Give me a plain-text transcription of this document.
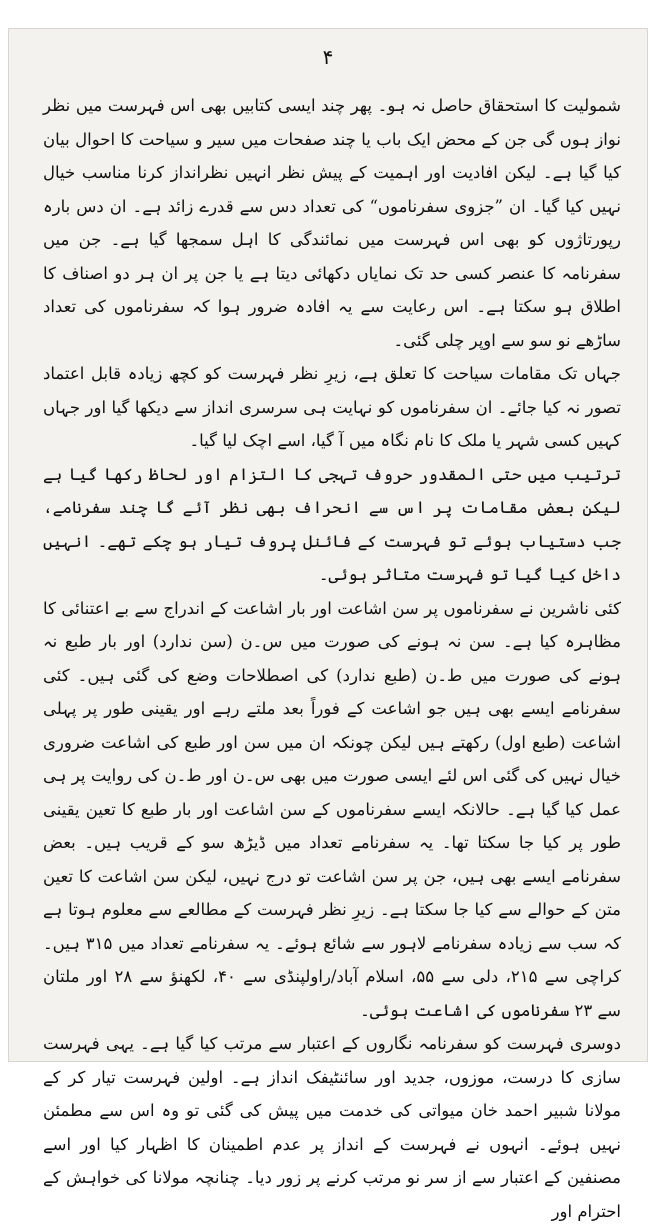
۴

شمولیت کا استحقاق حاصل نہ ہو۔ پھر چند ایسی کتابیں بھی اس فہرست میں نظر نواز ہوں گی جن کے محض ایک باب یا چند صفحات میں سیر و سیاحت کا احوال بیان کیا گیا ہے۔ لیکن افادیت اور اہمیت کے پیش نظر انہیں نظرانداز کرنا مناسب خیال نہیں کیا گیا۔ ان ”جزوی سفرناموں“ کی تعداد دس سے قدرے زائد ہے۔ ان دس بارہ رپورتاژوں کو بھی اس فہرست میں نمائندگی کا اہل سمجھا گیا ہے۔ جن میں سفرنامہ کا عنصر کسی حد تک نمایاں دکھائی دیتا ہے یا جن پر ان ہر دو اصناف کا اطلاق ہو سکتا ہے۔ اس رعایت سے یہ افادہ ضرور ہوا کہ سفرناموں کی تعداد ساڑھے نو سو سے اوپر چلی گئی۔

جہاں تک مقامات سیاحت کا تعلق ہے، زیرِ نظر فہرست کو کچھ زیادہ قابل اعتماد تصور نہ کیا جائے۔ ان سفرناموں کو نہایت ہی سرسری انداز سے دیکھا گیا اور جہاں کہیں کسی شہر یا ملک کا نام نگاہ میں آ گیا، اسے اچک لیا گیا۔

ترتیب میں حتی المقدور حروف تہجی کا التزام اور لحاظ رکھا گیا ہے لیکن بعض مقامات پر اس سے انحراف بھی نظر آئے گا چند سفرنامے، جب دستیاب ہوئے تو فہرست کے فائنل پروف تیار ہو چکے تھے۔ انہیں داخل کیا گیا تو فہرست متاثر ہوئی۔

کئی ناشرین نے سفرناموں پر سن اشاعت اور بار اشاعت کے اندراج سے بے اعتنائی کا مظاہرہ کیا ہے۔ سن نہ ہونے کی صورت میں س۔ن (سن ندارد) اور بار طبع نہ ہونے کی صورت میں ط۔ن (طبع ندارد) کی اصطلاحات وضع کی گئی ہیں۔ کئی سفرنامے ایسے بھی ہیں جو اشاعت کے فوراً بعد ملتے رہے اور یقینی طور پر پہلی اشاعت (طبع اول) رکھتے ہیں لیکن چونکہ ان میں سن اور طبع کی اشاعت ضروری خیال نہیں کی گئی اس لئے ایسی صورت میں بھی س۔ن اور ط۔ن کی روایت پر ہی عمل کیا گیا ہے۔ حالانکہ ایسے سفرناموں کے سن اشاعت اور بار طبع کا تعین یقینی طور پر کیا جا سکتا تھا۔ یہ سفرنامے تعداد میں ڈیڑھ سو کے قریب ہیں۔ بعض سفرنامے ایسے بھی ہیں، جن پر سن اشاعت تو درج نہیں، لیکن سن اشاعت کا تعین متن کے حوالے سے کیا جا سکتا ہے۔ زیرِ نظر فہرست کے مطالعے سے معلوم ہوتا ہے کہ سب سے زیادہ سفرنامے لاہور سے شائع ہوئے۔ یہ سفرنامے تعداد میں ۳۱۵ ہیں۔ کراچی سے ۲۱۵، دلی سے ۵۵، اسلام آباد/راولپنڈی سے ۴۰، لکھنؤ سے ۲۸ اور ملتان سے ۲۳ سفرناموں کی اشاعت ہوئی۔

دوسری فہرست کو سفرنامہ نگاروں کے اعتبار سے مرتب کیا گیا ہے۔ یہی فہرست سازی کا درست، موزوں، جدید اور سائنٹیفک انداز ہے۔ اولین فہرست تیار کر کے مولانا شبیر احمد خان میواتی کی خدمت میں پیش کی گئی تو وہ اس سے مطمئن نہیں ہوئے۔ انہوں نے فہرست کے انداز پر عدم اطمینان کا اظہار کیا اور اسے مصنفین کے اعتبار سے از سر نو مرتب کرنے پر زور دیا۔ چنانچہ مولانا کی خواہش کے احترام اور
